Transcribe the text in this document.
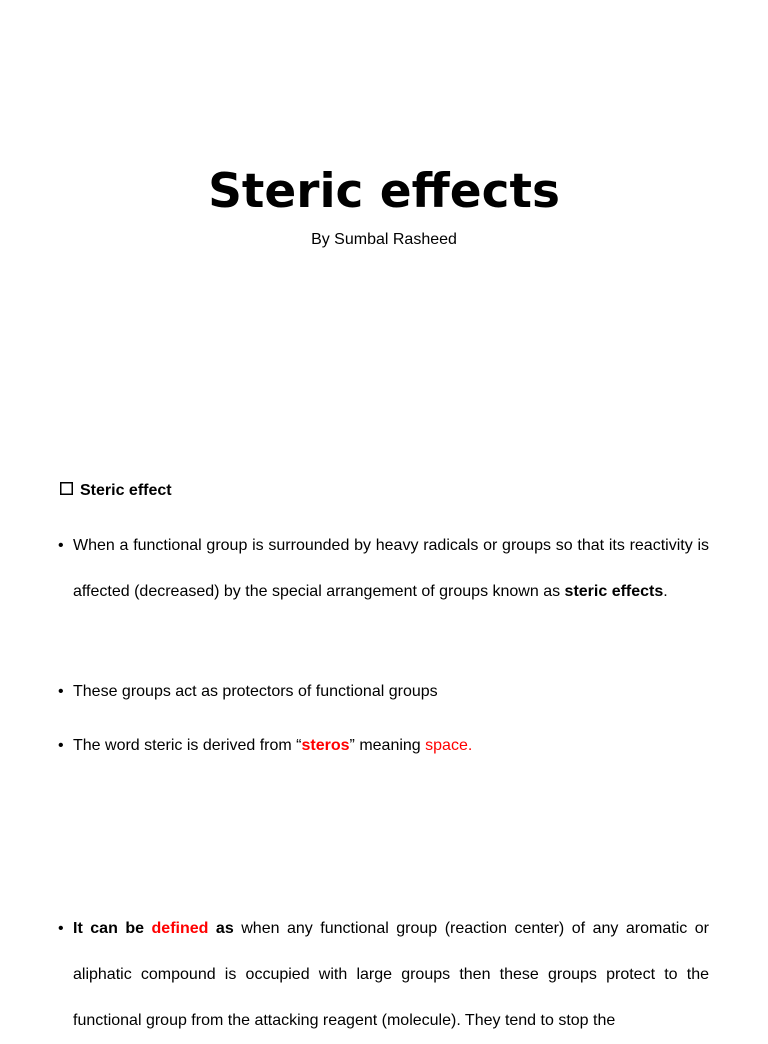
Steric effects
By Sumbal Rasheed
Steric effect

• When a functional group is surrounded by heavy radicals or groups so that its reactivity is affected (decreased) by the special arrangement of groups known as steric effects.

• These groups act as protectors of functional groups

• The word steric is derived from “steros” meaning space.

• It can be defined as when any functional group (reaction center) of any aromatic or aliphatic compound is occupied with large groups then these groups protect to the functional group from the attacking reagent (molecule). They tend to stop the
